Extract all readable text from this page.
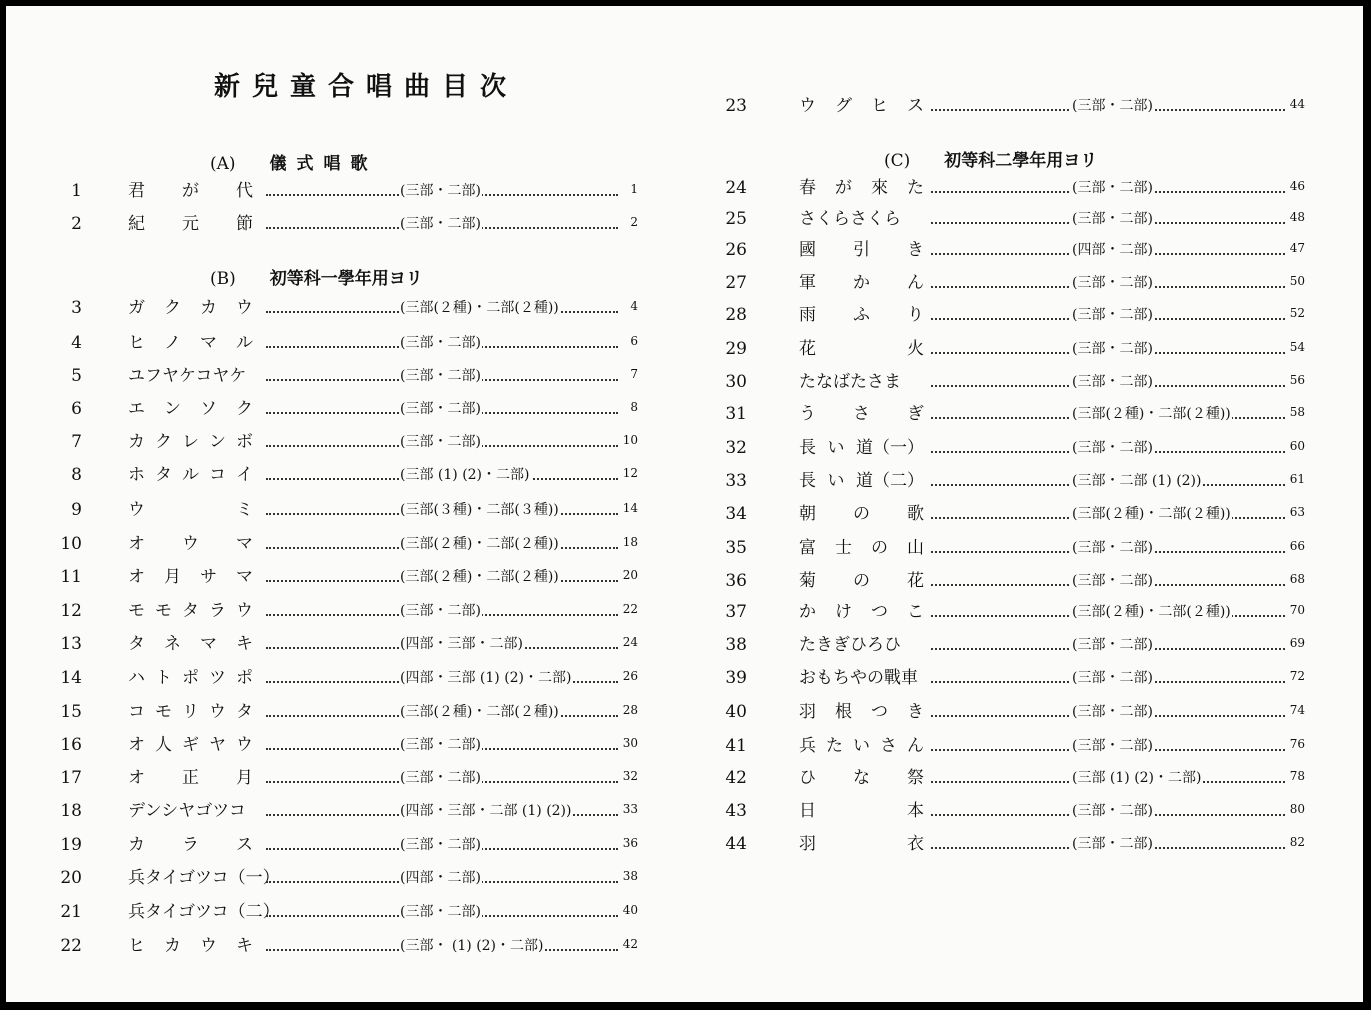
新兒童合唱曲目次
(A) 儀式唱歌
(B) 初等科一學年用ヨリ
(C) 初等科二學年用ヨリ
1	君 が 代	(三部・二部)	1
2	紀 元 節	(三部・二部)	2
3	ガ ク カ ウ	(三部(２種)・二部(２種))	4
4	ヒ ノ マ ル	(三部・二部)	6
5	ユフヤケコヤケ	(三部・二部)	7
6	エ ン ソ ク	(三部・二部)	8
7	カ ク レ ン ボ	(三部・二部)	10
8	ホ タ ル コ イ	(三部 (1) (2)・二部)	12
9	ウ	ミ	(三部(３種)・二部(３種))	14
10	オ ウ マ	(三部(２種)・二部(２種))	18
11	オ 月 サ マ	(三部(２種)・二部(２種))	20
12	モ モ タ ラ ウ	(三部・二部)	22
13	タ ネ マ キ	(四部・三部・二部)	24
14	ハ ト ポ ツ ポ	(四部・三部 (1) (2)・二部)	26
15	コ モ リ ウ タ	(三部(２種)・二部(２種))	28
16	オ 人 ギ ヤ ウ	(三部・二部)	30
17	オ 正 月	(三部・二部)	32
18	デンシヤゴツコ	(四部・三部・二部 (1) (2))	33
19	カ ラ ス	(三部・二部)	36
20	兵タイゴツコ（一）	(四部・二部)	38
21	兵タイゴツコ（二）	(三部・二部)	40
22	ヒ カ ウ キ	(三部・ (1) (2)・二部)	42
23	ウ グ ヒ ス	(三部・二部)	44
24	春 が 來 た	(三部・二部)	46
25	さくらさくら	(三部・二部)	48
26	國 引 き	(四部・二部)	47
27	軍 か ん	(三部・二部)	50
28	雨 ふ り	(三部・二部)	52
29	花	火	(三部・二部)	54
30	たなばたさま	(三部・二部)	56
31	う さ ぎ	(三部(２種)・二部(２種))	58
32	長 い 道（一）	(三部・二部)	60
33	長 い 道（二）	(三部・二部 (1) (2))	61
34	朝 の 歌	(三部(２種)・二部(２種))	63
35	富 士 の 山	(三部・二部)	66
36	菊 の 花	(三部・二部)	68
37	か け つ こ	(三部(２種)・二部(２種))	70
38	たきぎひろひ	(三部・二部)	69
39	おもちやの戰車	(三部・二部)	72
40	羽 根 つ き	(三部・二部)	74
41	兵 た い さ ん	(三部・二部)	76
42	ひ な 祭	(三部 (1) (2)・二部)	78
43	日	本	(三部・二部)	80
44	羽	衣	(三部・二部)	82
